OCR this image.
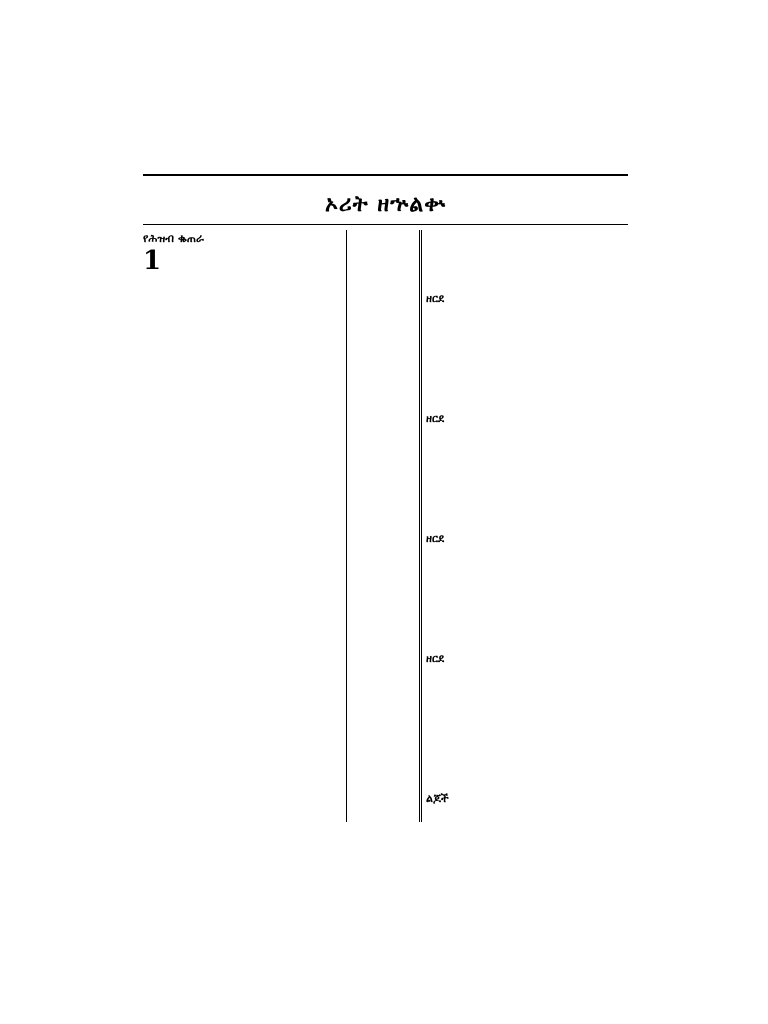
ኦሪት ዘኍልቍ
የሕዝብ ቈጠራ
1
ዘርደ
ዘርደ
ዘርደ
ዘርደ
ልጆች
